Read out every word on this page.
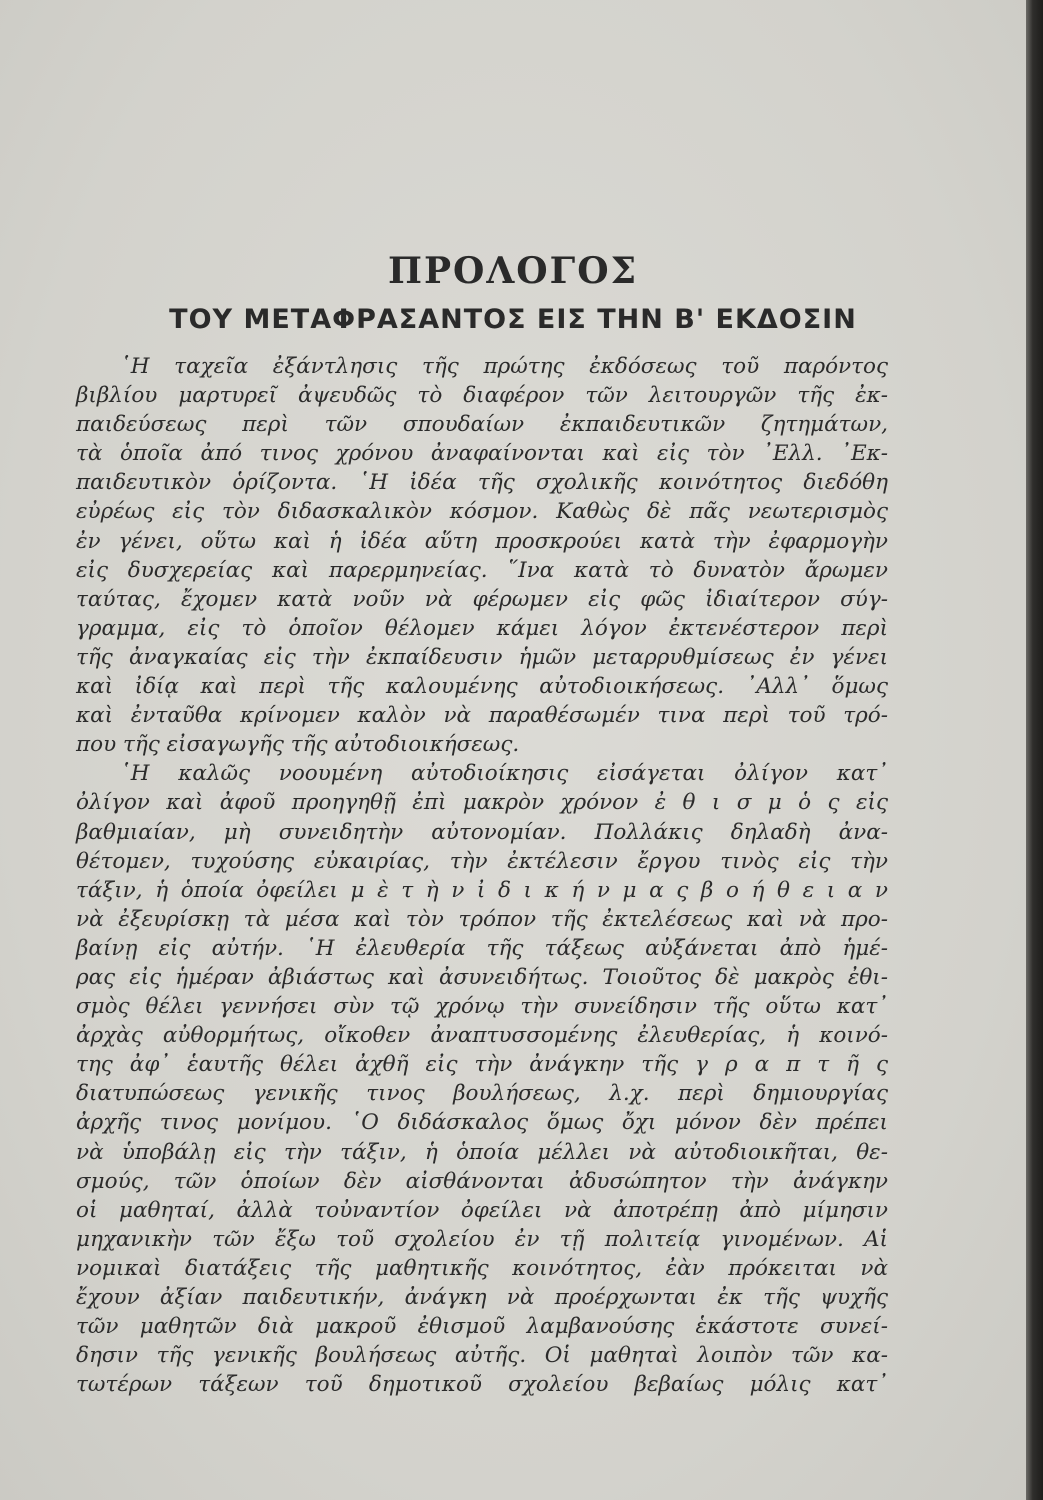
ΠΡΟΛΟΓΟΣ
ΤΟΥ ΜΕΤΑΦΡΑΣΑΝΤΟΣ ΕΙΣ ΤΗΝ Β' ΕΚΔΟΣΙΝ
῾Η ταχεῖα ἐξάντλησις τῆς πρώτης ἐκδόσεως τοῦ παρόντος
βιβλίου μαρτυρεῖ ἀψευδῶς τὸ διαφέρον τῶν λειτουργῶν τῆς ἐκ-
παιδεύσεως περὶ τῶν σπουδαίων ἐκπαιδευτικῶν ζητημάτων,
τὰ ὁποῖα ἀπό τινος χρόνου ἀναφαίνονται καὶ εἰς τὸν ᾿Ελλ. ᾿Εκ-
παιδευτικὸν ὁρίζοντα. ῾Η ἰδέα τῆς σχολικῆς κοινότητος διεδόθη
εὐρέως εἰς τὸν διδασκαλικὸν κόσμον. Καθὼς δὲ πᾶς νεωτερισμὸς
ἐν γένει, οὕτω καὶ ἡ ἰδέα αὕτη προσκρούει κατὰ τὴν ἐφαρμογὴν
εἰς δυσχερείας καὶ παρερμηνείας. ῞Ινα κατὰ τὸ δυνατὸν ἄρωμεν
ταύτας, ἔχομεν κατὰ νοῦν νὰ φέρωμεν εἰς φῶς ἰδιαίτερον σύγ-
γραμμα, εἰς τὸ ὁποῖον θέλομεν κάμει λόγον ἐκτενέστερον περὶ
τῆς ἀναγκαίας εἰς τὴν ἐκπαίδευσιν ἡμῶν μεταρρυθμίσεως ἐν γένει
καὶ ἰδίᾳ καὶ περὶ τῆς καλουμένης αὐτοδιοικήσεως. ᾿Αλλ᾿ ὅμως
καὶ ἐνταῦθα κρίνομεν καλὸν νὰ παραθέσωμέν τινα περὶ τοῦ τρό-
που τῆς εἰσαγωγῆς τῆς αὐτοδιοικήσεως.
῾Η καλῶς νοουμένη αὐτοδιοίκησις εἰσάγεται ὀλίγον κατ᾿
ὀλίγον καὶ ἀφοῦ προηγηθῇ ἐπὶ μακρὸν χρόνον ἐ θ ι σ μ ὁ ς εἰς
βαθμιαίαν, μὴ συνειδητὴν αὐτονομίαν. Πολλάκις δηλαδὴ ἀνα-
θέτομεν, τυχούσης εὐκαιρίας, τὴν ἐκτέλεσιν ἔργου τινὸς εἰς τὴν
τάξιν, ἡ ὁποία ὀφείλει μ ὲ τ ὴ ν ἰ δ ι κ ή ν μ α ς β ο ή θ ε ι α ν
νὰ ἐξευρίσκῃ τὰ μέσα καὶ τὸν τρόπον τῆς ἐκτελέσεως καὶ νὰ προ-
βαίνῃ εἰς αὐτήν. ῾Η ἐλευθερία τῆς τάξεως αὐξάνεται ἀπὸ ἡμέ-
ρας εἰς ἡμέραν ἀβιάστως καὶ ἀσυνειδήτως. Τοιοῦτος δὲ μακρὸς ἐθι-
σμὸς θέλει γεννήσει σὺν τῷ χρόνῳ τὴν συνείδησιν τῆς οὕτω κατ᾿
ἀρχὰς αὐθορμήτως, οἴκοθεν ἀναπτυσσομένης ἐλευθερίας, ἡ κοινό-
της ἀφ᾿ ἑαυτῆς θέλει ἀχθῆ εἰς τὴν ἀνάγκην τῆς γ ρ α π τ ῆ ς
διατυπώσεως γενικῆς τινος βουλήσεως, λ.χ. περὶ δημιουργίας
ἀρχῆς τινος μονίμου. ῾Ο διδάσκαλος ὅμως ὄχι μόνον δὲν πρέπει
νὰ ὑποβάλῃ εἰς τὴν τάξιν, ἡ ὁποία μέλλει νὰ αὐτοδιοικῆται, θε-
σμούς, τῶν ὁποίων δὲν αἰσθάνονται ἀδυσώπητον τὴν ἀνάγκην
οἱ μαθηταί, ἀλλὰ τοὐναντίον ὀφείλει νὰ ἀποτρέπῃ ἀπὸ μίμησιν
μηχανικὴν τῶν ἔξω τοῦ σχολείου ἐν τῇ πολιτείᾳ γινομένων. Αἱ
νομικαὶ διατάξεις τῆς μαθητικῆς κοινότητος, ἐὰν πρόκειται νὰ
ἔχουν ἀξίαν παιδευτικήν, ἀνάγκη νὰ προέρχωνται ἐκ τῆς ψυχῆς
τῶν μαθητῶν διὰ μακροῦ ἐθισμοῦ λαμβανούσης ἑκάστοτε συνεί-
δησιν τῆς γενικῆς βουλήσεως αὐτῆς. Οἱ μαθηταὶ λοιπὸν τῶν κα-
τωτέρων τάξεων τοῦ δημοτικοῦ σχολείου βεβαίως μόλις κατ᾿
